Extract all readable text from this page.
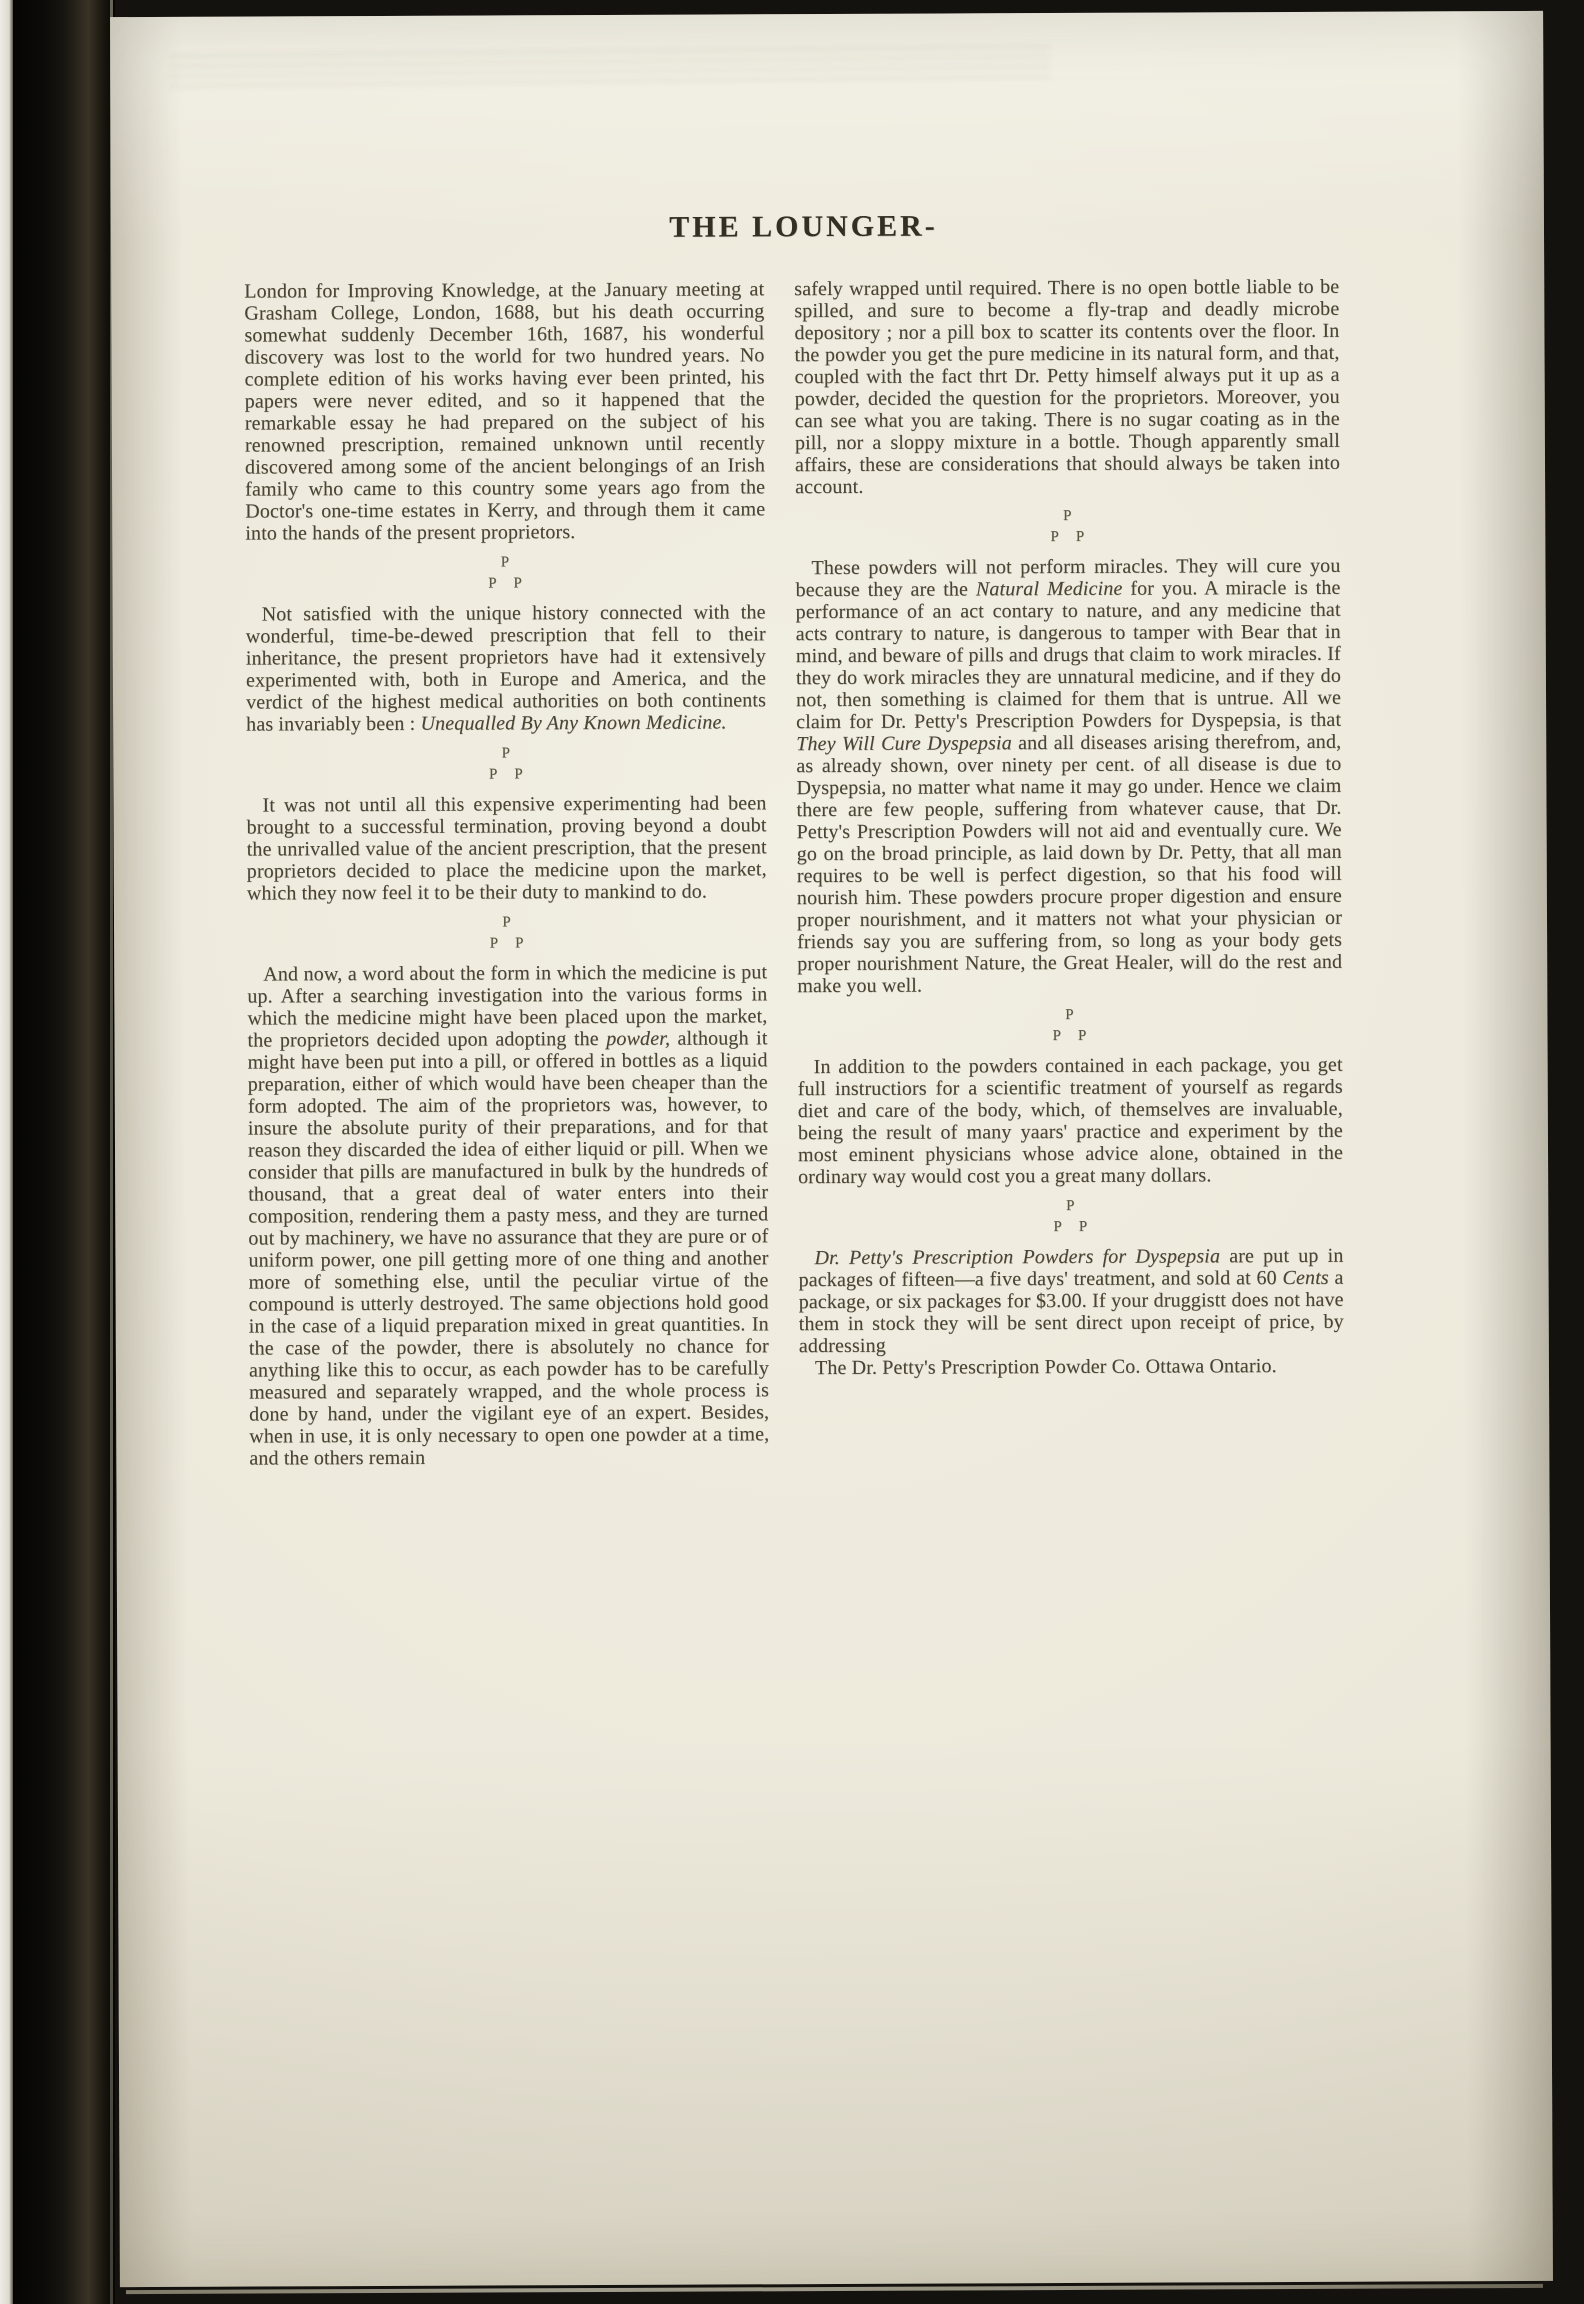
THE LOUNGER-

London for Improving Knowledge, at the January meeting at Grasham College, London, 1688, but his death occurring somewhat suddenly December 16th, 1687, his wonderful discovery was lost to the world for two hundred years. No complete edition of his works having ever been printed, his papers were never edited, and so it happened that the remarkable essay he had prepared on the subject of his renowned prescription, remained unknown until recently discovered among some of the ancient belongings of an Irish family who came to this country some years ago from the Doctor's one-time estates in Kerry, and through them it came into the hands of the present proprietors.

P
P P

Not satisfied with the unique history connected with the wonderful, time-be-dewed prescription that fell to their inheritance, the present proprietors have had it extensively experimented with, both in Europe and America, and the verdict of the highest medical authorities on both continents has invariably been : Unequalled By Any Known Medicine.

P
P P

It was not until all this expensive experimenting had been brought to a successful termination, proving beyond a doubt the unrivalled value of the ancient prescription, that the present proprietors decided to place the medicine upon the market, which they now feel it to be their duty to mankind to do.

P
P P

And now, a word about the form in which the medicine is put up. After a searching investigation into the various forms in which the medicine might have been placed upon the market, the proprietors decided upon adopting the powder, although it might have been put into a pill, or offered in bottles as a liquid preparation, either of which would have been cheaper than the form adopted. The aim of the proprietors was, however, to insure the absolute purity of their preparations, and for that reason they discarded the idea of either liquid or pill. When we consider that pills are manufactured in bulk by the hundreds of thousand, that a great deal of water enters into their composition, rendering them a pasty mess, and they are turned out by machinery, we have no assurance that they are pure or of uniform power, one pill getting more of one thing and another more of something else, until the peculiar virtue of the compound is utterly destroyed. The same objections hold good in the case of a liquid preparation mixed in great quantities. In the case of the powder, there is absolutely no chance for anything like this to occur, as each powder has to be carefully measured and separately wrapped, and the whole process is done by hand, under the vigilant eye of an expert. Besides, when in use, it is only necessary to open one powder at a time, and the others remain

safely wrapped until required. There is no open bottle liable to be spilled, and sure to become a fly-trap and deadly microbe depository ; nor a pill box to scatter its contents over the floor. In the powder you get the pure medicine in its natural form, and that, coupled with the fact thrt Dr. Petty himself always put it up as a powder, decided the question for the proprietors. Moreover, you can see what you are taking. There is no sugar coating as in the pill, nor a sloppy mixture in a bottle. Though apparently small affairs, these are considerations that should always be taken into account.

P
P P

These powders will not perform miracles. They will cure you because they are the Natural Medicine for you. A miracle is the performance of an act contary to nature, and any medicine that acts contrary to nature, is dangerous to tamper with Bear that in mind, and beware of pills and drugs that claim to work miracles. If they do work miracles they are unnatural medicine, and if they do not, then something is claimed for them that is untrue. All we claim for Dr. Petty's Prescription Powders for Dyspepsia, is that They Will Cure Dyspepsia and all diseases arising therefrom, and, as already shown, over ninety per cent. of all disease is due to Dyspepsia, no matter what name it may go under. Hence we claim there are few people, suffering from whatever cause, that Dr. Petty's Prescription Powders will not aid and eventually cure. We go on the broad principle, as laid down by Dr. Petty, that all man requires to be well is perfect digestion, so that his food will nourish him. These powders procure proper digestion and ensure proper nourishment, and it matters not what your physician or friends say you are suffering from, so long as your body gets proper nourishment Nature, the Great Healer, will do the rest and make you well.

P
P P

In addition to the powders contained in each package, you get full instructiors for a scientific treatment of yourself as regards diet and care of the body, which, of themselves are invaluable, being the result of many yaars' practice and experiment by the most eminent physicians whose advice alone, obtained in the ordinary way would cost you a great many dollars.

P
P P

Dr. Petty's Prescription Powders for Dyspepsia are put up in packages of fifteen—a five days' treatment, and sold at 60 Cents a package, or six packages for $3.00. If your druggistt does not have them in stock they will be sent direct upon receipt of price, by addressing

The Dr. Petty's Prescription Powder Co. Ottawa Ontario.
